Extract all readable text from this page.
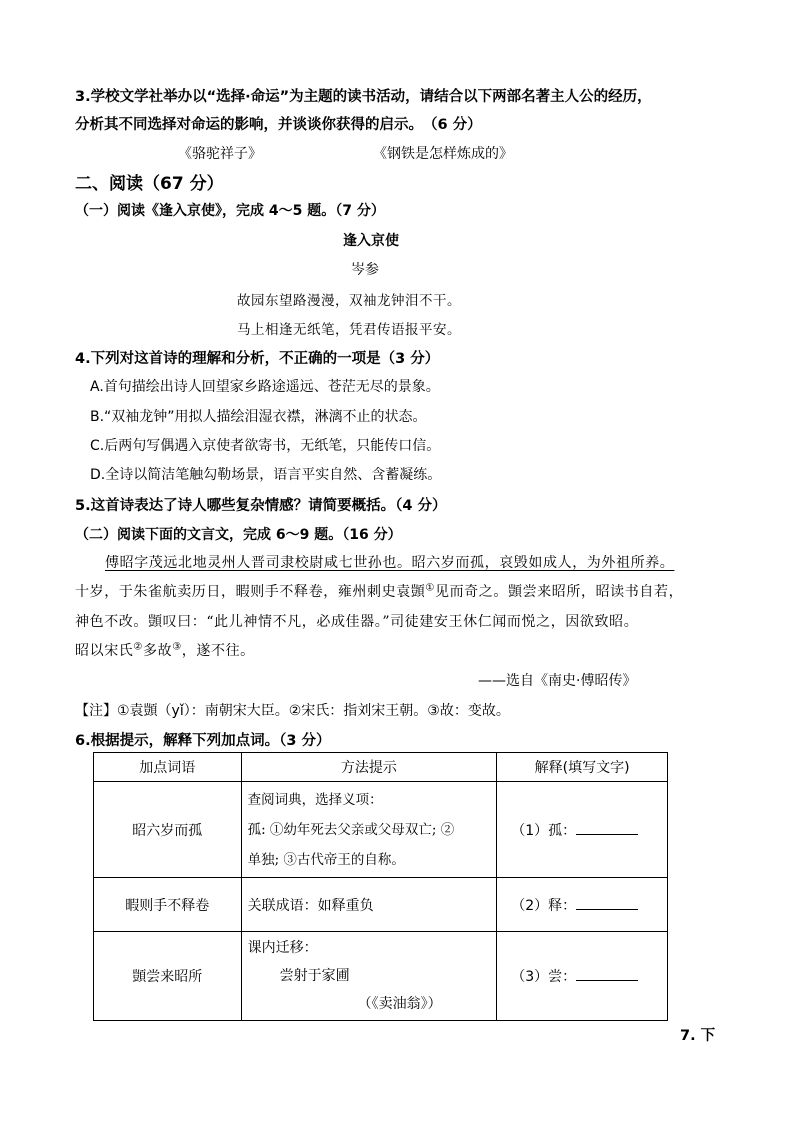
3.学校文学社举办以“选择·命运”为主题的读书活动，请结合以下两部名著主人公的经历，
分析其不同选择对命运的影响，并谈谈你获得的启示。　（6 分）
《骆驼祥子》	《钢铁是怎样炼成的》
二、阅读（67 分）
（一）阅读《逢入京使》，完成 4～5 题。（7 分）
逢入京使
岑参
故园东望路漫漫，双袖龙钟泪不干。
马上相逢无纸笔，凭君传语报平安。
4.下列对这首诗的理解和分析，不正确的一项是（3 分）
A.首句描绘出诗人回望家乡路途遥远、苍茫无尽的景象。
B.“双袖龙钟”用拟人描绘泪湿衣襟，淋漓不止的状态。
C.后两句写偶遇入京使者欲寄书，无纸笔，只能传口信。
D.全诗以简洁笔触勾勒场景，语言平实自然、含蓄凝练。
5.这首诗表达了诗人哪些复杂情感？请简要概括。（4 分）
（二）阅读下面的文言文，完成 6～9 题。（16 分）
傅昭字茂远北地灵州人晋司隶校尉咸七世孙也。昭六岁而孤，哀毁如成人，为外祖所养。
十岁，于朱雀航卖历日，暇则手不释卷，雍州刺史袁顗①见而奇之。顗尝来昭所，昭读书自若，
神色不改。顗叹曰：“此儿神情不凡，必成佳器。”司徒建安王休仁闻而悦之，因欲致昭。
昭以宋氏②多故③，遂不往。
——选自《南史·傅昭传》
【注】①袁顗（yǐ）：南朝宋大臣。②宋氏：指刘宋王朝。③故：变故。
6.根据提示，解释下列加点词。（3 分）
加点词语	方法提示	解释(填写文字)
昭六岁而孤	查阅词典，选择义项：
孤: ①幼年死去父亲或父母双亡; ②
单独; ③古代帝王的自称。	（1）孤：
暇则手不释卷	关联成语：如释重负	（2）释：
顗尝来昭所	课内迁移：
尝射于家圃
（《卖油翁》）	（3）尝：
7. 下
